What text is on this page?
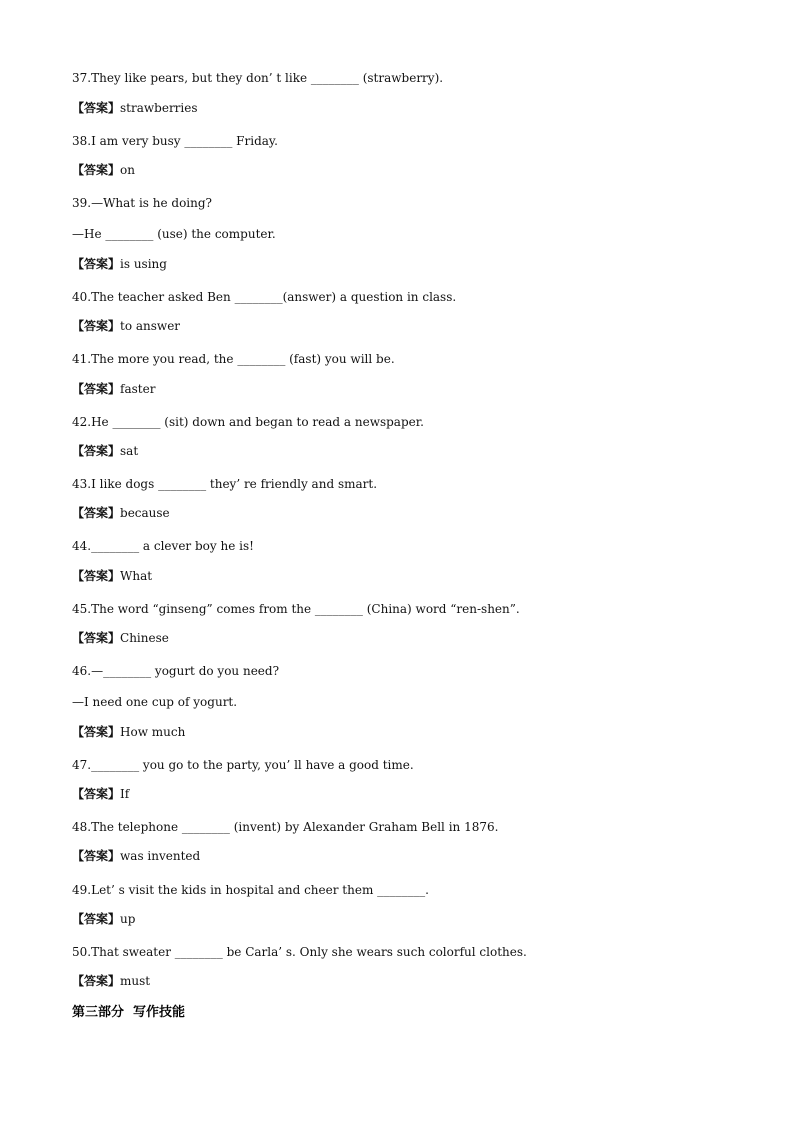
37.They like pears, but they don’ t like ________ (strawberry).

【答案】strawberries

38.I am very busy ________ Friday.

【答案】on

39.—What is he doing?

—He ________ (use) the computer.

【答案】is using

40.The teacher asked Ben ________(answer) a question in class.

【答案】to answer

41.The more you read, the ________ (fast) you will be.

【答案】faster

42.He ________ (sit) down and began to read a newspaper.

【答案】sat

43.I like dogs ________ they’ re friendly and smart.

【答案】because

44.________ a clever boy he is!

【答案】What

45.The word “ginseng” comes from the ________ (China) word “ren-shen”.

【答案】Chinese

46.—________ yogurt do you need?

—I need one cup of yogurt.

【答案】How much

47.________ you go to the party, you’ ll have a good time.

【答案】If

48.The telephone ________ (invent) by Alexander Graham Bell in 1876.

【答案】was invented

49.Let’ s visit the kids in hospital and cheer them ________.

【答案】up

50.That sweater ________ be Carla’ s. Only she wears such colorful clothes.

【答案】must

第三部分  写作技能
